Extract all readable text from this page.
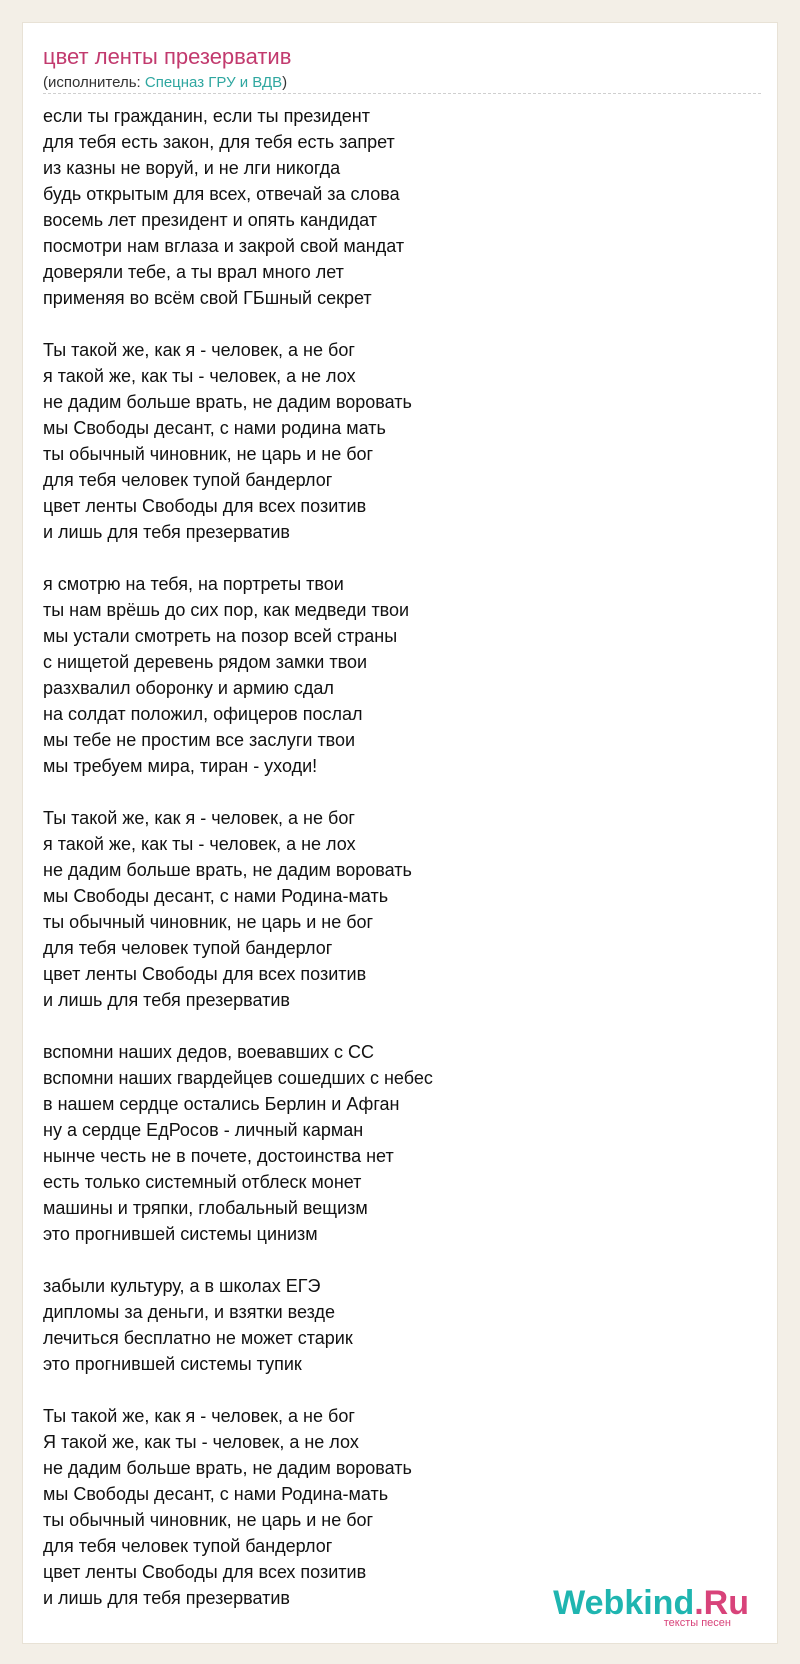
цвет ленты презерватив
(исполнитель: Спецназ ГРУ и ВДВ)
если ты гражданин, если ты президент
для тебя есть закон, для тебя есть запрет
из казны не воруй, и не лги никогда
будь открытым для всех, отвечай за слова
восемь лет президент и опять кандидат
посмотри нам вглаза и закрой свой мандат
доверяли тебе, а ты врал много лет
применяя во всём свой ГБшный секрет
Ты такой же, как я - человек, а не бог
я такой же, как ты - человек, а не лох
не дадим больше врать, не дадим воровать
мы Свободы десант, с нами родина мать
ты обычный чиновник, не царь и не бог
для тебя человек тупой бандерлог
цвет ленты Свободы для всех позитив
и лишь для тебя презерватив
я смотрю на тебя, на портреты твои
ты нам врёшь до сих пор, как медведи твои
мы устали смотреть на позор всей страны
с нищетой деревень рядом замки твои
разхвалил оборонку и армию сдал
на солдат положил, офицеров послал
мы тебе не простим все заслуги твои
мы требуем мира, тиран - уходи!
Ты такой же, как я - человек, а не бог
я такой же, как ты - человек, а не лох
не дадим больше врать, не дадим воровать
мы Свободы десант, с нами Родина-мать
ты обычный чиновник, не царь и не бог
для тебя человек тупой бандерлог
цвет ленты Свободы для всех позитив
и лишь для тебя презерватив
вспомни наших дедов, воевавших с СС
вспомни наших гвардейцев сошедших с небес
в нашем сердце остались Берлин и Афган
ну а сердце ЕдРосов - личный карман
нынче честь не в почете, достоинства нет
есть только системный отблеск монет
машины и тряпки, глобальный вещизм
это прогнившей системы цинизм
забыли культуру, а в школах ЕГЭ
дипломы за деньги, и взятки везде
лечиться бесплатно не может старик
это прогнившей системы тупик
Ты такой же, как я - человек, а не бог
Я такой же, как ты - человек, а не лох
не дадим больше врать, не дадим воровать
мы Свободы десант, с нами Родина-мать
ты обычный чиновник, не царь и не бог
для тебя человек тупой бандерлог
цвет ленты Свободы для всех позитив
и лишь для тебя презерватив	Webkind.Ru
тексты песен
